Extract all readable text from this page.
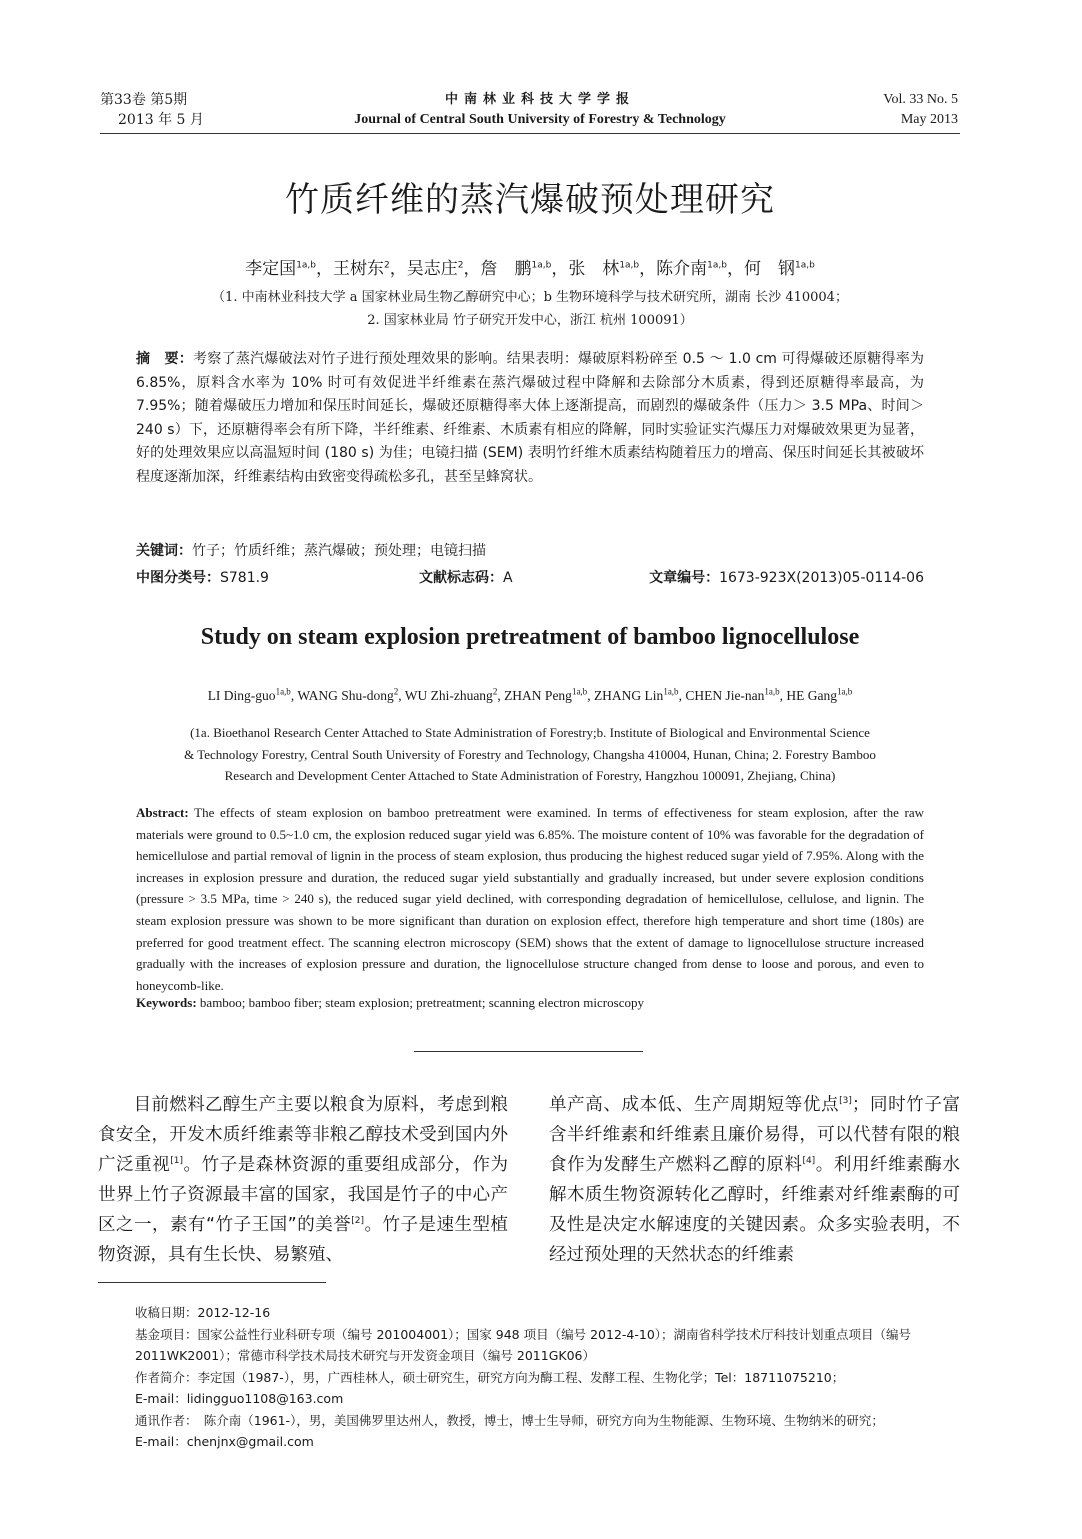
第33卷 第5期
2013 年 5 月
中南林业科技大学学报
Journal of Central South University of Forestry & Technology
Vol. 33 No. 5
May 2013
竹质纤维的蒸汽爆破预处理研究
李定国$^{1a,b}$，王树东$^2$，吴志庄$^2$，詹　鹏$^{1a,b}$，张　林$^{1a,b}$，陈介南$^{1a,b}$，何　钢$^{1a,b}$
（1. 中南林业科技大学 a 国家林业局生物乙醇研究中心；b 生物环境科学与技术研究所，湖南 长沙 410004；
2. 国家林业局 竹子研究开发中心，浙江 杭州 100091）
摘　要：考察了蒸汽爆破法对竹子进行预处理效果的影响。结果表明：爆破原料粉碎至 0.5 ～ 1.0 cm 可得爆破还原糖得率为 6.85%，原料含水率为 10% 时可有效促进半纤维素在蒸汽爆破过程中降解和去除部分木质素，得到还原糖得率最高，为 7.95%；随着爆破压力增加和保压时间延长，爆破还原糖得率大体上逐渐提高，而剧烈的爆破条件（压力＞ 3.5 MPa、时间＞ 240 s）下，还原糖得率会有所下降，半纤维素、纤维素、木质素有相应的降解，同时实验证实汽爆压力对爆破效果更为显著，好的处理效果应以高温短时间 (180 s) 为佳；电镜扫描 (SEM) 表明竹纤维木质素结构随着压力的增高、保压时间延长其被破坏程度逐渐加深，纤维素结构由致密变得疏松多孔，甚至呈蜂窝状。
关键词：竹子；竹质纤维；蒸汽爆破；预处理；电镜扫描
中图分类号：S781.9	文献标志码：A	文章编号：1673-923X(2013)05-0114-06
Study on steam explosion pretreatment of bamboo lignocellulose
LI Ding-guo$^{1a,b}$, WANG Shu-dong$^2$, WU Zhi-zhuang$^2$, ZHAN Peng$^{1a,b}$, ZHANG Lin$^{1a,b}$, CHEN Jie-nan$^{1a,b}$, HE Gang$^{1a,b}$
(1a. Bioethanol Research Center Attached to State Administration of Forestry;b. Institute of Biological and Environmental Science
& Technology Forestry, Central South University of Forestry and Technology, Changsha 410004, Hunan, China; 2. Forestry Bamboo
Research and Development Center Attached to State Administration of Forestry, Hangzhou 100091, Zhejiang, China)
Abstract: The effects of steam explosion on bamboo pretreatment were examined. In terms of effectiveness for steam explosion, after the raw materials were ground to 0.5~1.0 cm, the explosion reduced sugar yield was 6.85%. The moisture content of 10% was favorable for the degradation of hemicellulose and partial removal of lignin in the process of steam explosion, thus producing the highest reduced sugar yield of 7.95%. Along with the increases in explosion pressure and duration, the reduced sugar yield substantially and gradually increased, but under severe explosion conditions (pressure > 3.5 MPa, time > 240 s), the reduced sugar yield declined, with corresponding degradation of hemicellulose, cellulose, and lignin. The steam explosion pressure was shown to be more significant than duration on explosion effect, therefore high temperature and short time (180s) are preferred for good treatment effect. The scanning electron microscopy (SEM) shows that the extent of damage to lignocellulose structure increased gradually with the increases of explosion pressure and duration, the lignocellulose structure changed from dense to loose and porous, and even to honeycomb-like.
Keywords: bamboo; bamboo fiber; steam explosion; pretreatment; scanning electron microscopy
　　目前燃料乙醇生产主要以粮食为原料，考虑到粮食安全，开发木质纤维素等非粮乙醇技术受到国内外广泛重视[1]。竹子是森林资源的重要组成部分，作为世界上竹子资源最丰富的国家，我国是竹子的中心产区之一，素有“竹子王国”的美誉[2]。竹子是速生型植物资源，具有生长快、易繁殖、
单产高、成本低、生产周期短等优点[3]；同时竹子富含半纤维素和纤维素且廉价易得，可以代替有限的粮食作为发酵生产燃料乙醇的原料[4]。利用纤维素酶水解木质生物资源转化乙醇时，纤维素对纤维素酶的可及性是决定水解速度的关键因素。众多实验表明，不经过预处理的天然状态的纤维素
收稿日期：2012-12-16
基金项目：国家公益性行业科研专项（编号 201004001）；国家 948 项目（编号 2012-4-10）；湖南省科学技术厅科技计划重点项目（编号 2011WK2001）；常德市科学技术局技术研究与开发资金项目（编号 2011GK06）
作者简介：李定国（1987-），男，广西桂林人，硕士研究生，研究方向为酶工程、发酵工程、生物化学；Tel：18711075210；
E-mail：lidingguo1108@163.com
通讯作者：　陈介南（1961-），男，美国佛罗里达州人，教授，博士，博士生导师，研究方向为生物能源、生物环境、生物纳米的研究；
E-mail：chenjnx@gmail.com
